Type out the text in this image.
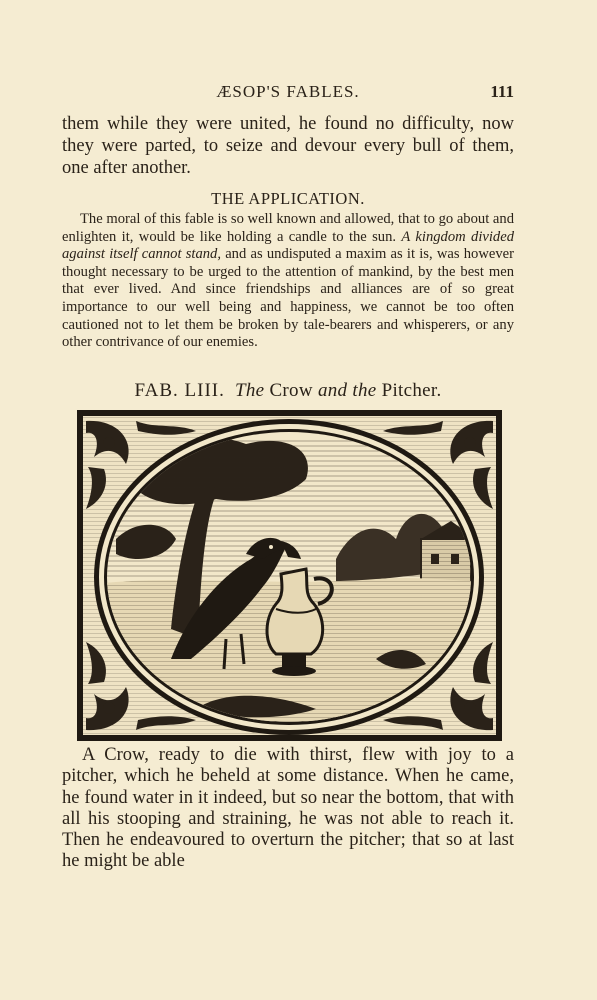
ÆSOP'S FABLES.	111

them while they were united, he found no difficulty, now they were parted, to seize and devour every bull of them, one after another.

THE APPLICATION.

The moral of this fable is so well known and allowed, that to go about and enlighten it, would be like holding a candle to the sun. A kingdom divided against itself cannot stand, and as undisputed a maxim as it is, was however thought necessary to be urged to the attention of mankind, by the best men that ever lived. And since friendships and alliances are of so great importance to our well being and happiness, we cannot be too often cautioned not to let them be broken by tale-bearers and whisperers, or any other contrivance of our enemies.

FAB. LIII. The Crow and the Pitcher.

A Crow, ready to die with thirst, flew with joy to a pitcher, which he beheld at some distance. When he came, he found water in it indeed, but so near the bottom, that with all his stooping and straining, he was not able to reach it. Then he endeavoured to overturn the pitcher; that so at last he might be able
